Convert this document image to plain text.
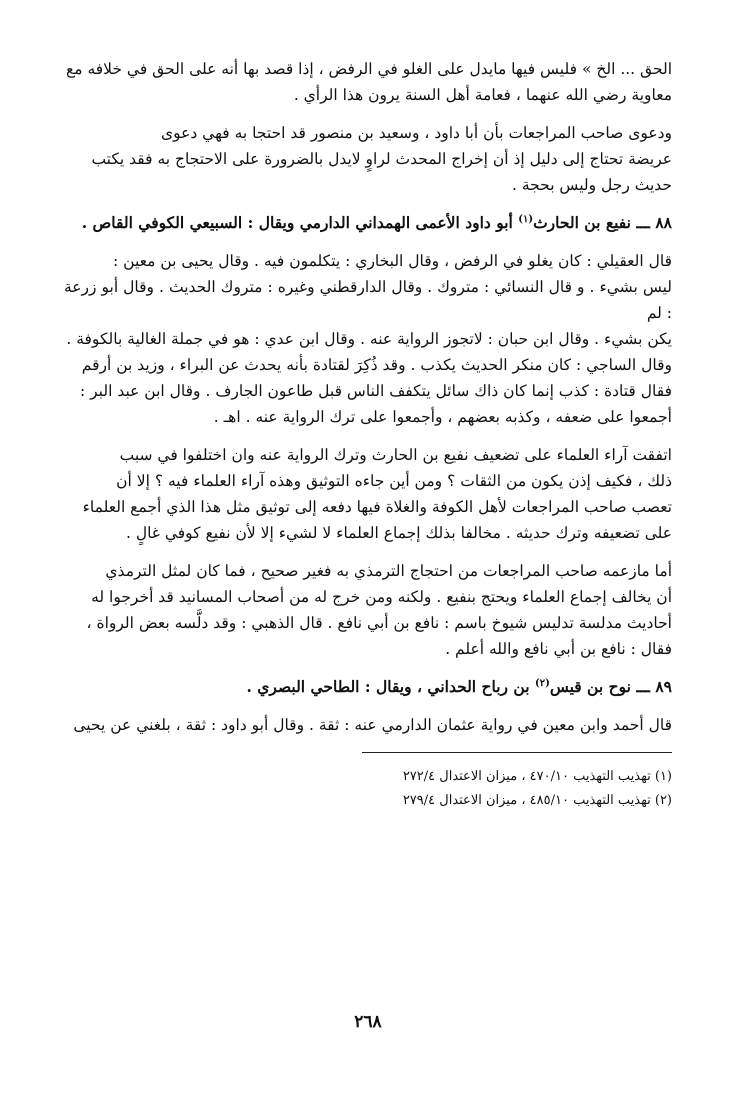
الحق ... الخ » فليس فيها مايدل على الغلو في الرفض ، إذا قصد بها أنه على الحق في خلافه مع
معاوية رضي الله عنهما ، فعامة أهل السنة يرون هذا الرأي .
ودعوى صاحب المراجعات بأن أبا داود ، وسعيد بن منصور قد احتجا به فهي دعوى
عريضة تحتاج إلى دليل إذ أن إخراج المحدث لراوٍ لايدل بالضرورة على الاحتجاج به فقد يكتب
حديث رجل وليس بحجة .
٨٨ ـــ نفيع بن الحارث$^{(١)}$ أبو داود الأعمى الهمداني الدارمي ويقال : السبيعي الكوفي القاص .
قال العقيلي : كان يغلو في الرفض ، وقال البخاري : يتكلمون فيه . وقال يحيى بن معين :
ليس بشيء . و قال النسائي : متروك . وقال الدارقطني وغيره : متروك الحديث . وقال أبو زرعة : لم
يكن بشيء . وقال ابن حبان : لاتجوز الرواية عنه . وقال ابن عدي : هو في جملة الغالية بالكوفة .
وقال الساجي : كان منكر الحديث يكذب . وقد ذُكِرَ لقتادة بأنه يحدث عن البراء ، وزيد بن أرقم
فقال قتادة : كذب إنما كان ذاك سائل يتكفف الناس قبل طاعون الجارف . وقال ابن عبد البر :
أجمعوا على ضعفه ، وكذبه بعضهم ، وأجمعوا على ترك الرواية عنه . اهـ .
اتفقت آراء العلماء على تضعيف نفيع بن الحارث وترك الرواية عنه وان اختلفوا في سبب
ذلك ، فكيف إذن يكون من الثقات ؟ ومن أين جاءه التوثيق وهذه آراء العلماء فيه ؟ إلا أن
تعصب صاحب المراجعات لأهل الكوفة والغلاة فيها دفعه إلى توثيق مثل هذا الذي أجمع العلماء
على تضعيفه وترك حديثه . مخالفا بذلك إجماع العلماء لا لشيء إلا لأن نفيع كوفي غالٍ .
أما مازعمه صاحب المراجعات من احتجاج الترمذي به فغير صحيح ، فما كان لمثل الترمذي
أن يخالف إجماع العلماء ويحتج بنفيع . ولكنه ومن خرج له من أصحاب المسانيد قد أخرجوا له
أحاديث مدلسة تدليس شيوخ باسم : نافع بن أبي نافع . قال الذهبي : وقد دلَّسه بعض الرواة ،
فقال : نافع بن أبي نافع والله أعلم .
٨٩ ـــ نوح بن قيس$^{(٢)}$ بن رباح الحداني ، ويقال : الطاحي البصري .
قال أحمد وابن معين في رواية عثمان الدارمي عنه : ثقة . وقال أبو داود : ثقة ، بلغني عن يحيى

(١) تهذيب التهذيب ٤٧٠/١٠ ، ميزان الاعتدال ٢٧٢/٤

(٢) تهذيب التهذيب ٤٨٥/١٠ ، ميزان الاعتدال ٢٧٩/٤

٢٦٨
